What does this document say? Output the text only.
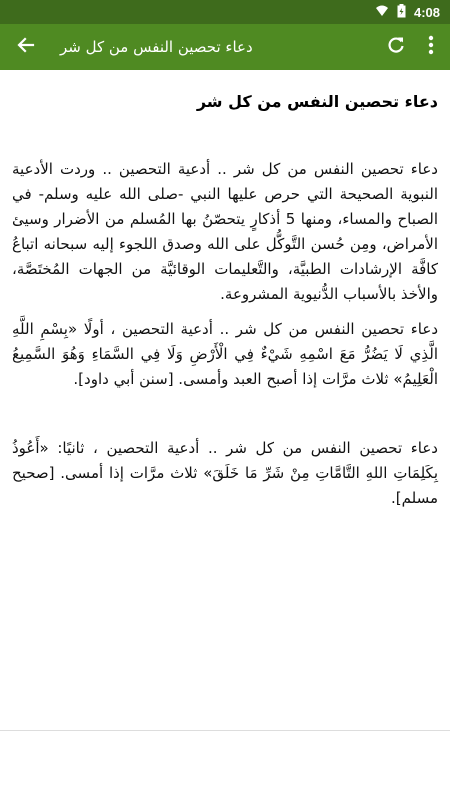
4:08
دعاء تحصين النفس من كل شر
دعاء تحصين النفس من كل شر

دعاء تحصين النفس من كل شر .. أدعية التحصين .. وردت الأدعية النبوية الصحيحة التي حرص عليها النبي -صلى الله عليه وسلم- في الصباح والمساء، ومنها 5 أذكارٍ يتحصّنُ بها المُسلم من الأضرار وسيئ الأمراض، ومِن حُسن التَّوكُّل على الله وصدق اللجوء إليه سبحانه اتباعُ كافَّة الإرشادات الطبيَّة، والتَّعليمات الوقائيَّة من الجهات المُختَصَّة، والأخذ بالأسباب الدُّنيوية المشروعة.

دعاء تحصين النفس من كل شر .. أدعية التحصين ، أولًا «بِسْمِ اللَّهِ الَّذِي لَا يَضُرُّ مَعَ اسْمِهِ شَيْءٌ فِي الْأَرْضِ وَلَا فِي السَّمَاءِ وَهُوَ السَّمِيعُ الْعَلِيمُ» ثلاث مرَّات إذا أصبح العبد وأمسى. [سنن أبي داود].

دعاء تحصين النفس من كل شر .. أدعية التحصين ، ثانيًا: «أَعُوذُ بِكَلِمَاتِ اللهِ التَّامَّاتِ مِنْ شَرِّ مَا خَلَقَ» ثلاث مرَّات إذا أمسى. [صحيح مسلم].
